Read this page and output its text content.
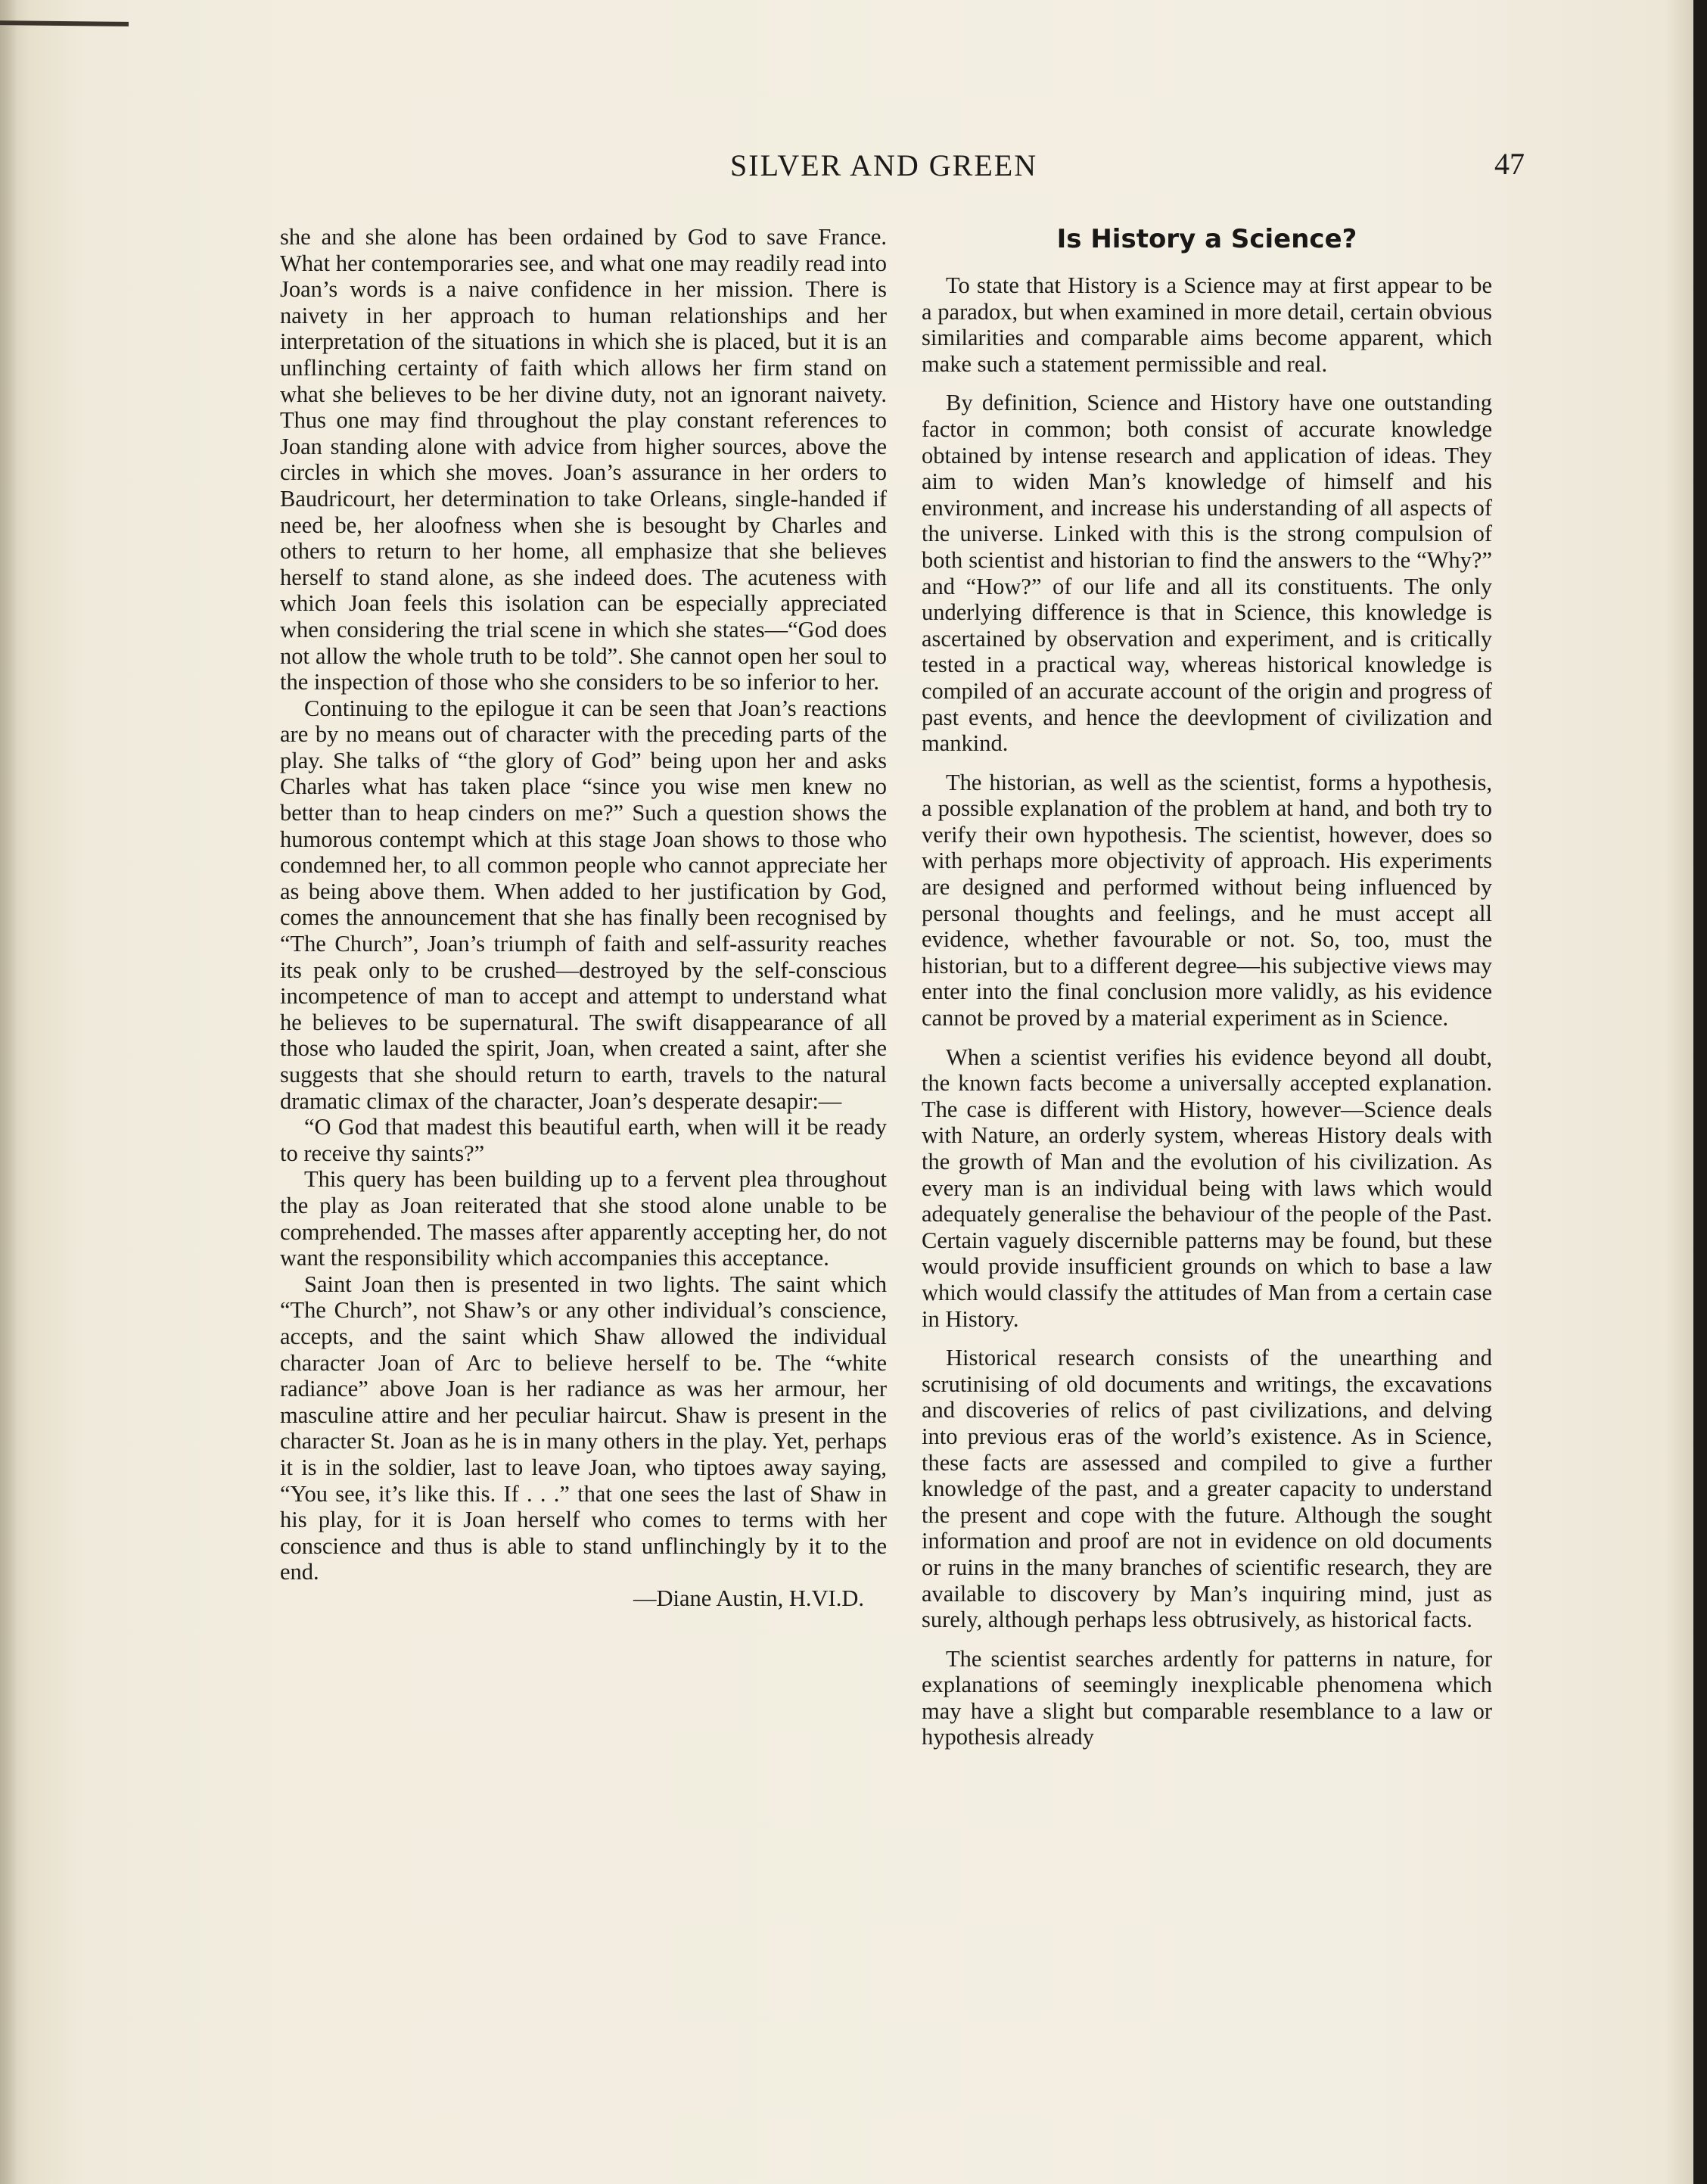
SILVER AND GREEN	47

she and she alone has been ordained by God to save France. What her contemporaries see, and what one may readily read into Joan’s words is a naive confidence in her mission. There is naivety in her approach to human relationships and her interpretation of the situations in which she is placed, but it is an unflinching certainty of faith which allows her firm stand on what she believes to be her divine duty, not an ignorant naivety. Thus one may find throughout the play constant references to Joan standing alone with advice from higher sources, above the circles in which she moves. Joan’s assurance in her orders to Baudricourt, her determination to take Orleans, single-handed if need be, her aloofness when she is besought by Charles and others to return to her home, all emphasize that she believes herself to stand alone, as she indeed does. The acuteness with which Joan feels this isolation can be especially appreciated when considering the trial scene in which she states—“God does not allow the whole truth to be told”. She cannot open her soul to the inspection of those who she considers to be so inferior to her.

Continuing to the epilogue it can be seen that Joan’s reactions are by no means out of character with the preceding parts of the play. She talks of “the glory of God” being upon her and asks Charles what has taken place “since you wise men knew no better than to heap cinders on me?” Such a question shows the humorous contempt which at this stage Joan shows to those who condemned her, to all common people who cannot appreciate her as being above them. When added to her justification by God, comes the announcement that she has finally been recognised by “The Church”, Joan’s triumph of faith and self-assurity reaches its peak only to be crushed—destroyed by the self-conscious incompetence of man to accept and attempt to understand what he believes to be supernatural. The swift disappearance of all those who lauded the spirit, Joan, when created a saint, after she suggests that she should return to earth, travels to the natural dramatic climax of the character, Joan’s desperate desapir:—

“O God that madest this beautiful earth, when will it be ready to receive thy saints?”

This query has been building up to a fervent plea throughout the play as Joan reiterated that she stood alone unable to be comprehended. The masses after apparently accepting her, do not want the responsibility which accompanies this acceptance.

Saint Joan then is presented in two lights. The saint which “The Church”, not Shaw’s or any other individual’s conscience, accepts, and the saint which Shaw allowed the individual character Joan of Arc to believe herself to be. The “white radiance” above Joan is her radiance as was her armour, her masculine attire and her peculiar haircut. Shaw is present in the character St. Joan as he is in many others in the play. Yet, perhaps it is in the soldier, last to leave Joan, who tiptoes away saying, “You see, it’s like this. If . . .” that one sees the last of Shaw in his play, for it is Joan herself who comes to terms with her conscience and thus is able to stand unflinchingly by it to the end.

—Diane Austin, H.VI.D.

Is History a Science?

To state that History is a Science may at first appear to be a paradox, but when examined in more detail, certain obvious similarities and comparable aims become apparent, which make such a statement permissible and real.

By definition, Science and History have one outstanding factor in common; both consist of accurate knowledge obtained by intense research and application of ideas. They aim to widen Man’s knowledge of himself and his environment, and increase his understanding of all aspects of the universe. Linked with this is the strong compulsion of both scientist and historian to find the answers to the “Why?” and “How?” of our life and all its constituents. The only underlying difference is that in Science, this knowledge is ascertained by observation and experiment, and is critically tested in a practical way, whereas historical knowledge is compiled of an accurate account of the origin and progress of past events, and hence the deevlopment of civilization and mankind.

The historian, as well as the scientist, forms a hypothesis, a possible explanation of the problem at hand, and both try to verify their own hypothesis. The scientist, however, does so with perhaps more objectivity of approach. His experiments are designed and performed without being influenced by personal thoughts and feelings, and he must accept all evidence, whether favourable or not. So, too, must the historian, but to a different degree—his subjective views may enter into the final conclusion more validly, as his evidence cannot be proved by a material experiment as in Science.

When a scientist verifies his evidence beyond all doubt, the known facts become a universally accepted explanation. The case is different with History, however—Science deals with Nature, an orderly system, whereas History deals with the growth of Man and the evolution of his civilization. As every man is an individual being with laws which would adequately generalise the behaviour of the people of the Past. Certain vaguely discernible patterns may be found, but these would provide insufficient grounds on which to base a law which would classify the attitudes of Man from a certain case in History.

Historical research consists of the unearthing and scrutinising of old documents and writings, the excavations and discoveries of relics of past civilizations, and delving into previous eras of the world’s existence. As in Science, these facts are assessed and compiled to give a further knowledge of the past, and a greater capacity to understand the present and cope with the future. Although the sought information and proof are not in evidence on old documents or ruins in the many branches of scientific research, they are available to discovery by Man’s inquiring mind, just as surely, although perhaps less obtrusively, as historical facts.

The scientist searches ardently for patterns in nature, for explanations of seemingly inexplicable phenomena which may have a slight but comparable resemblance to a law or hypothesis already
